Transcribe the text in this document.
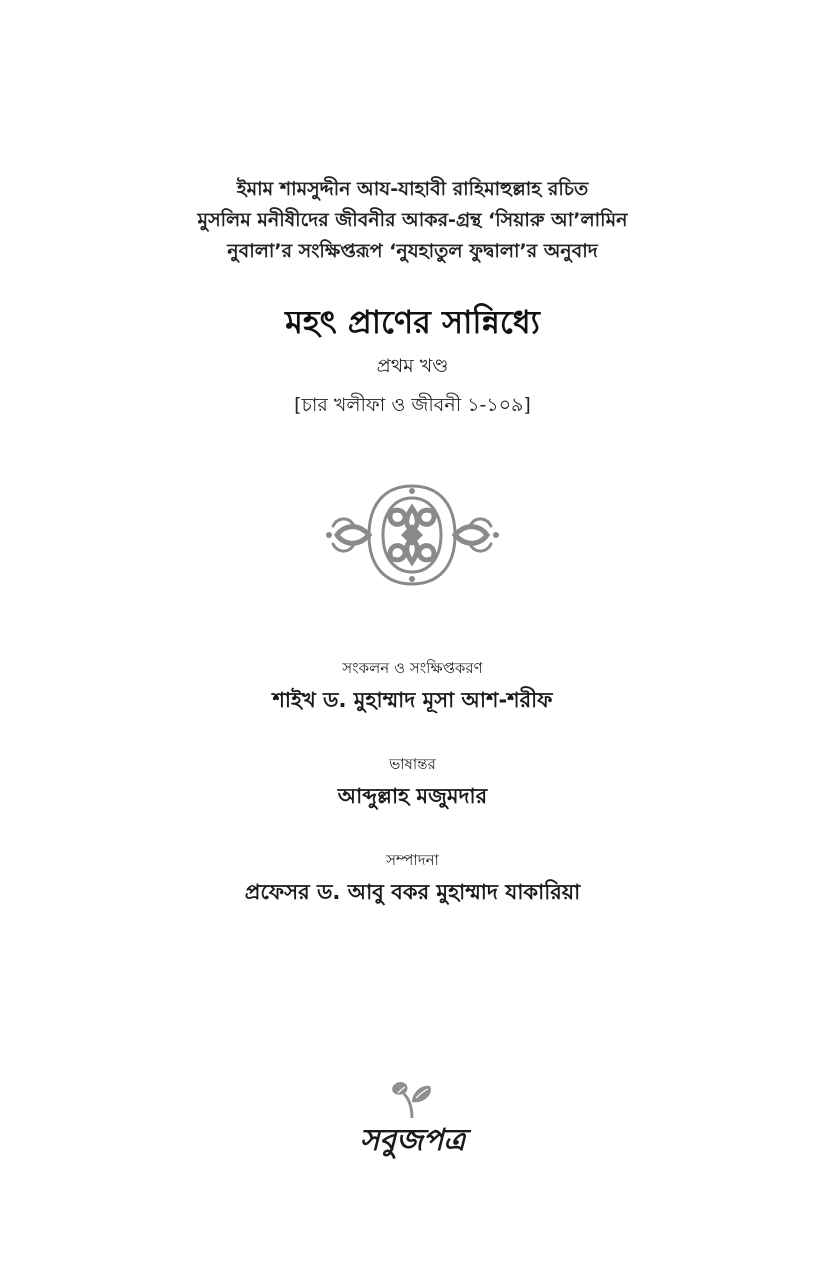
ইমাম শামসুদ্দীন আয-যাহাবী রাহিমাহুল্লাহ রচিত
মুসলিম মনীষীদের জীবনীর আকর-গ্রন্থ ‘সিয়ারু আ’লামিন
নুবালা’র সংক্ষিপ্তরূপ ‘নুযহাতুল ফুদ্বালা’র অনুবাদ
মহৎ প্রাণের সান্নিধ্যে
প্রথম খণ্ড
[চার খলীফা ও জীবনী ১-১০৯]
সংকলন ও সংক্ষিপ্তকরণ
শাইখ ড. মুহাম্মাদ মূসা আশ-শরীফ
ভাষান্তর
আব্দুল্লাহ মজুমদার
সম্পাদনা
প্রফেসর ড. আবু বকর মুহাম্মাদ যাকারিয়া
সবুজপত্র
